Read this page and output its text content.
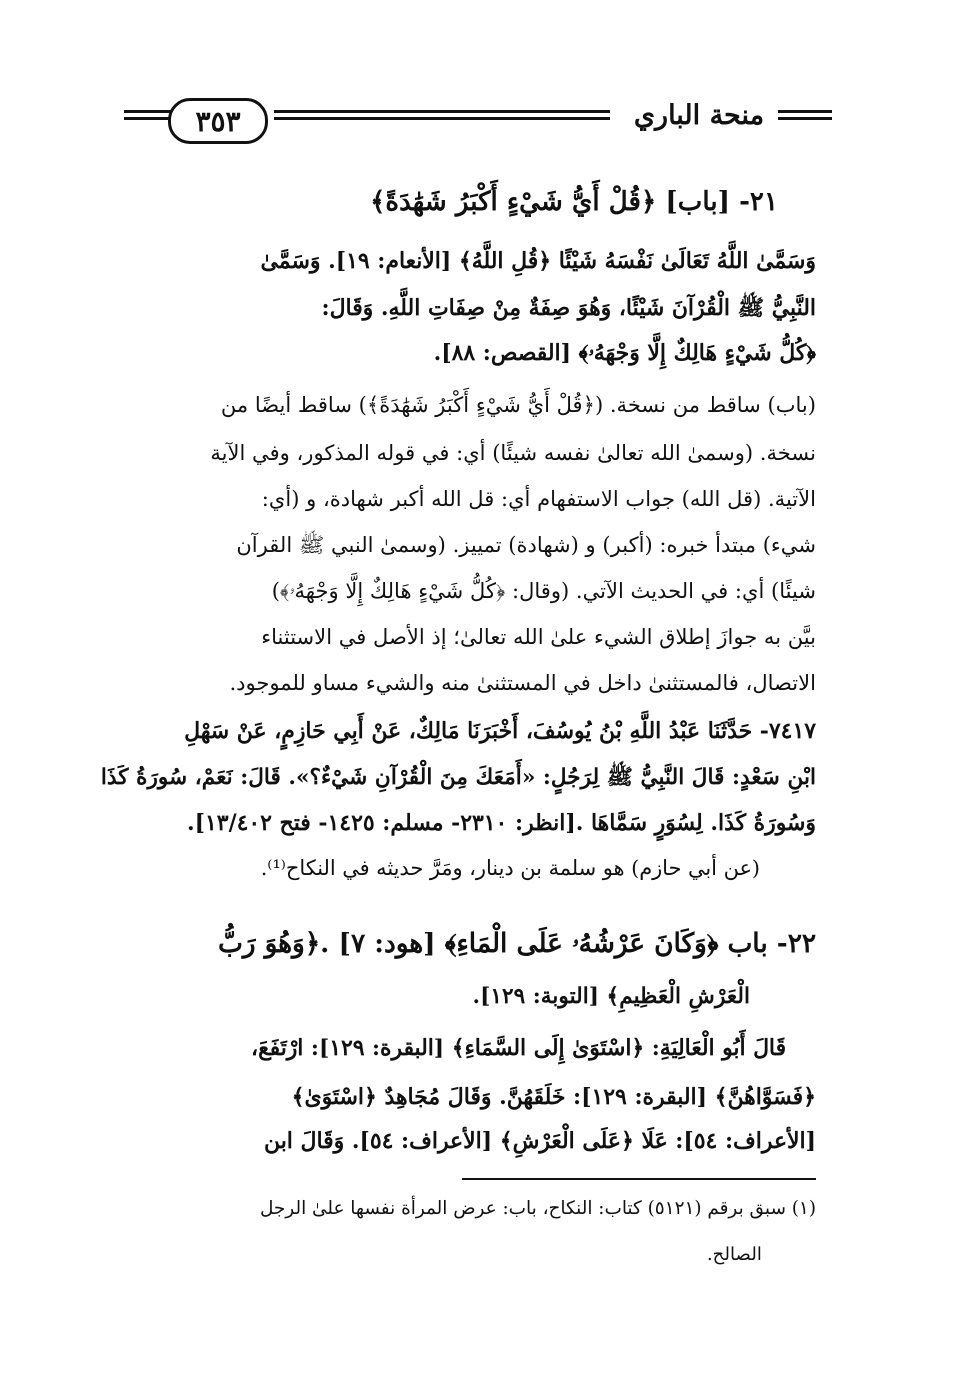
٣٥٣	منحة الباري
٢١- [باب] ﴿قُلْ أَيُّ شَيْءٍ أَكْبَرُ شَهَٰدَةً﴾
وَسَمَّىٰ اللَّهُ تَعَالَىٰ نَفْسَهُ شَيْئًا ﴿قُلِ اللَّهُ﴾ [الأنعام: ١٩]. وَسَمَّىٰ
النَّبِيُّ ﷺ الْقُرْآنَ شَيْئًا، وَهُوَ صِفَةٌ مِنْ صِفَاتِ اللَّهِ. وَقَالَ:
﴿كُلُّ شَيْءٍ هَالِكٌ إِلَّا وَجْهَهُۥ﴾ [القصص: ٨٨].
(باب) ساقط من نسخة. (﴿قُلْ أَيُّ شَيْءٍ أَكْبَرُ شَهَٰدَةً﴾) ساقط أيضًا من
نسخة. (وسمىٰ الله تعالىٰ نفسه شيئًا) أي: في قوله المذكور، وفي الآية
الآتية. (قل الله) جواب الاستفهام أي: قل الله أكبر شهادة، و (أي:
شيء) مبتدأ خبره: (أكبر) و (شهادة) تمييز. (وسمىٰ النبي ﷺ القرآن
شيئًا) أي: في الحديث الآتي. (وقال: ﴿كُلُّ شَيْءٍ هَالِكٌ إِلَّا وَجْهَهُۥ﴾)
بيَّن به جوازَ إطلاق الشيء علىٰ الله تعالىٰ؛ إذ الأصل في الاستثناء
الاتصال، فالمستثنىٰ داخل في المستثنىٰ منه والشيء مساو للموجود.
٧٤١٧- حَدَّثَنَا عَبْدُ اللَّهِ بْنُ يُوسُفَ، أَخْبَرَنَا مَالِكٌ، عَنْ أَبِي حَازِمٍ، عَنْ سَهْلِ
ابْنِ سَعْدٍ: قَالَ النَّبِيُّ ﷺ لِرَجُلٍ: «أَمَعَكَ مِنَ الْقُرْآنِ شَيْءٌ؟». قَالَ: نَعَمْ، سُورَةُ كَذَا
وَسُورَةُ كَذَا. لِسُوَرٍ سَمَّاهَا .[انظر: ٢٣١٠- مسلم: ١٤٢٥- فتح ١٣/٤٠٢].
(عن أبي حازم) هو سلمة بن دينار، ومَرَّ حديثه في النكاح⁽¹⁾.
٢٢- باب ﴿وَكَانَ عَرْشُهُۥ عَلَى الْمَاءِ﴾ [هود: ٧] .﴿وَهُوَ رَبُّ
الْعَرْشِ الْعَظِيمِ﴾ [التوبة: ١٢٩].
قَالَ أَبُو الْعَالِيَةِ: ﴿اسْتَوَىٰ إِلَى السَّمَاءِ﴾ [البقرة: ١٢٩]: ارْتَفَعَ،
﴿فَسَوَّاهُنَّ﴾ [البقرة: ١٢٩]: خَلَقَهُنَّ. وَقَالَ مُجَاهِدٌ ﴿اسْتَوَىٰ﴾
[الأعراف: ٥٤]: عَلَا ﴿عَلَى الْعَرْشِ﴾ [الأعراف: ٥٤]. وَقَالَ ابن
(١) سبق برقم (٥١٢١) كتاب: النكاح، باب: عرض المرأة نفسها علىٰ الرجل
الصالح.
